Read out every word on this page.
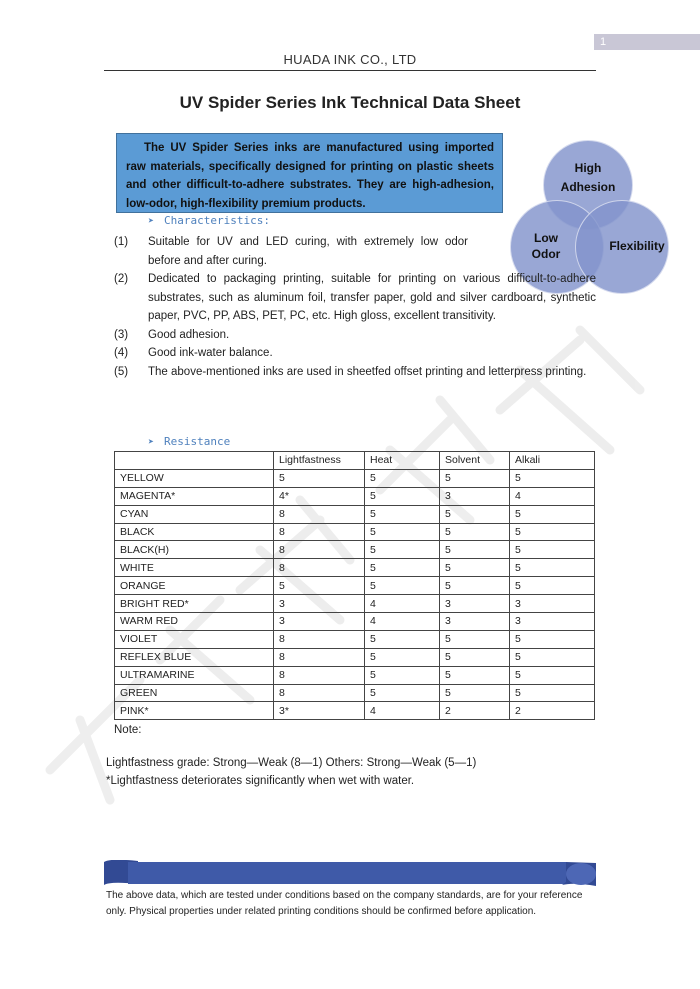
1
HUADA INK CO., LTD
UV Spider Series Ink Technical Data Sheet
The UV Spider Series inks are manufactured using imported raw materials, specifically designed for printing on plastic sheets and other difficult-to-adhere substrates. They are high-adhesion, low-odor, high-flexibility premium products.
High
Adhesion
Low
Odor
Flexibility
➤ Characteristics:
(1) Suitable for UV and LED curing, with extremely low odor before and after curing.
(2) Dedicated to packaging printing, suitable for printing on various difficult-to-adhere substrates, such as aluminum foil, transfer paper, gold and silver cardboard, synthetic paper, PVC, PP, ABS, PET, PC, etc. High gloss, excellent transitivity.
(3) Good adhesion.
(4) Good ink-water balance.
(5) The above-mentioned inks are used in sheetfed offset printing and letterpress printing.
➤ Resistance
	Lightfastness	Heat	Solvent	Alkali
YELLOW	5	5	5	5
MAGENTA*	4*	5	3	4
CYAN	8	5	5	5
BLACK	8	5	5	5
BLACK(H)	8	5	5	5
WHITE	8	5	5	5
ORANGE	5	5	5	5
BRIGHT RED*	3	4	3	3
WARM RED	3	4	3	3
VIOLET	8	5	5	5
REFLEX BLUE	8	5	5	5
ULTRAMARINE	8	5	5	5
GREEN	8	5	5	5
PINK*	3*	4	2	2
Note:
Lightfastness grade: Strong—Weak (8—1) Others: Strong—Weak (5—1)
*Lightfastness deteriorates significantly when wet with water.
The above data, which are tested under conditions based on the company standards, are for your reference only. Physical properties under related printing conditions should be confirmed before application.
